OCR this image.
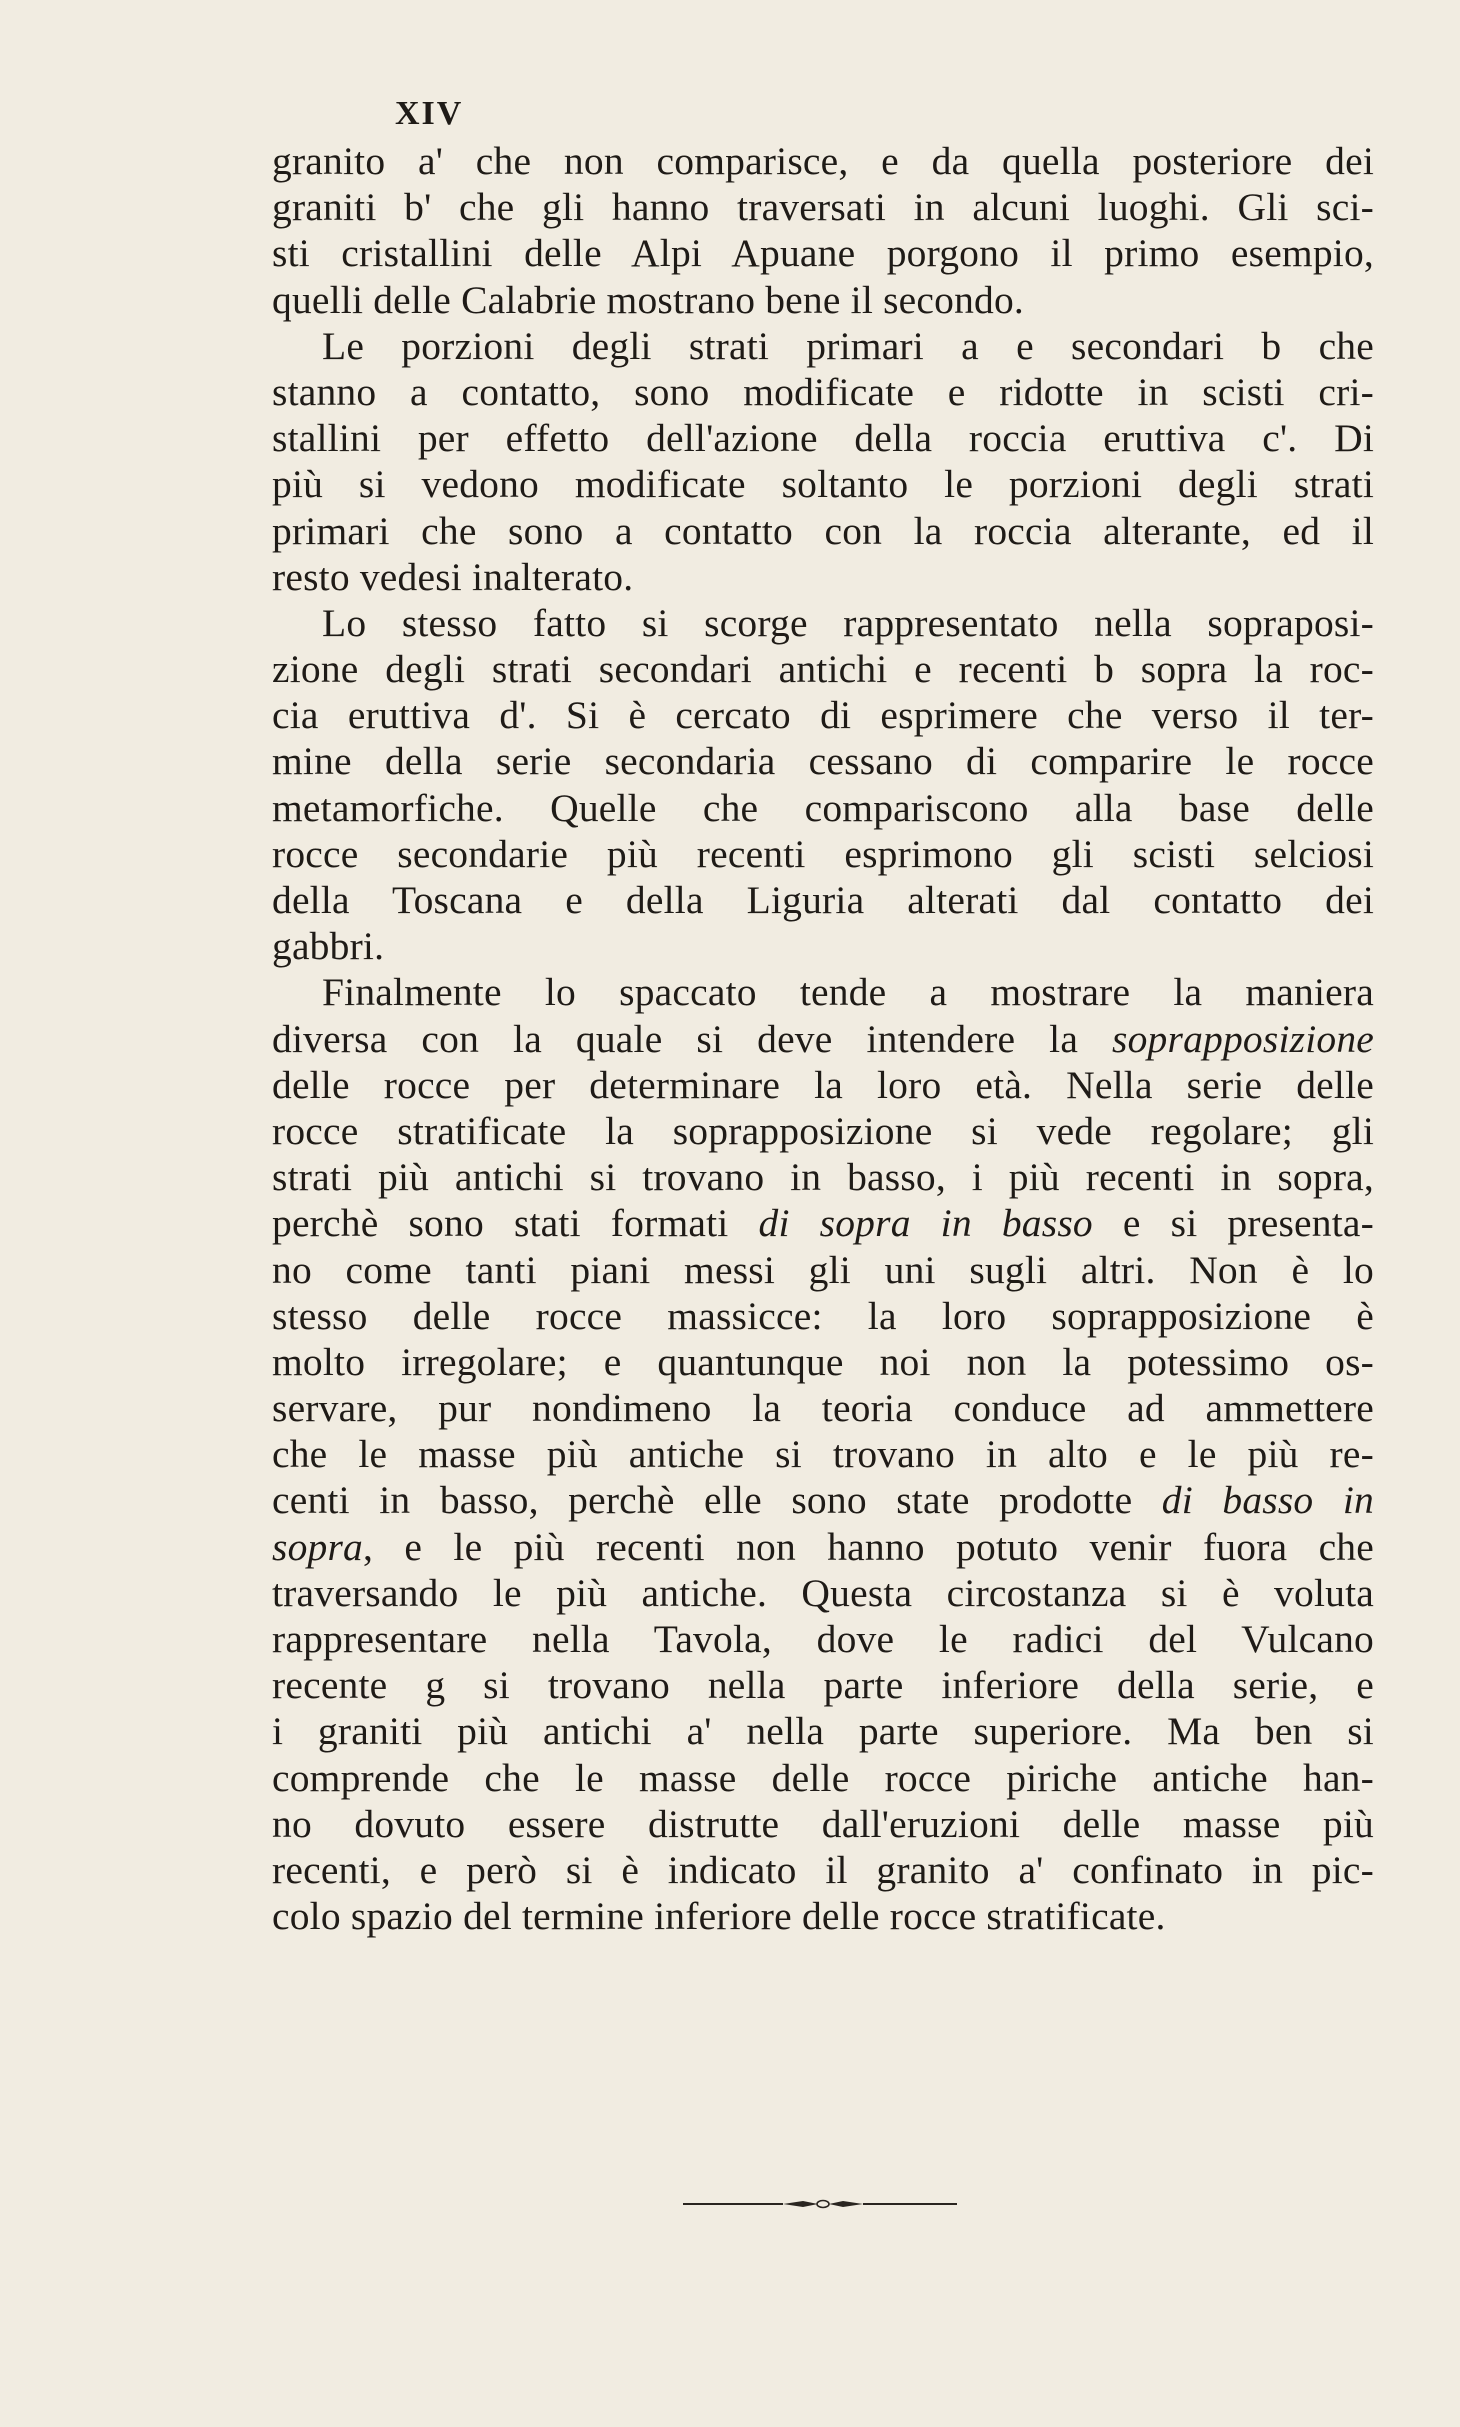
XIV
granito a' che non comparisce, e da quella posteriore dei
graniti b' che gli hanno traversati in alcuni luoghi. Gli sci-
sti cristallini delle Alpi Apuane porgono il primo esempio,
quelli delle Calabrie mostrano bene il secondo.
Le porzioni degli strati primari a e secondari b che
stanno a contatto, sono modificate e ridotte in scisti cri-
stallini per effetto dell'azione della roccia eruttiva c'. Di
più si vedono modificate soltanto le porzioni degli strati
primari che sono a contatto con la roccia alterante, ed il
resto vedesi inalterato.
Lo stesso fatto si scorge rappresentato nella sopraposi-
zione degli strati secondari antichi e recenti b sopra la roc-
cia eruttiva d'. Si è cercato di esprimere che verso il ter-
mine della serie secondaria cessano di comparire le rocce
metamorfiche. Quelle che compariscono alla base delle
rocce secondarie più recenti esprimono gli scisti selciosi
della Toscana e della Liguria alterati dal contatto dei
gabbri.
Finalmente lo spaccato tende a mostrare la maniera
diversa con la quale si deve intendere la soprapposizione
delle rocce per determinare la loro età. Nella serie delle
rocce stratificate la soprapposizione si vede regolare; gli
strati più antichi si trovano in basso, i più recenti in sopra,
perchè sono stati formati di sopra in basso e si presenta-
no come tanti piani messi gli uni sugli altri. Non è lo
stesso delle rocce massicce: la loro soprapposizione è
molto irregolare; e quantunque noi non la potessimo os-
servare, pur nondimeno la teoria conduce ad ammettere
che le masse più antiche si trovano in alto e le più re-
centi in basso, perchè elle sono state prodotte di basso in
sopra, e le più recenti non hanno potuto venir fuora che
traversando le più antiche. Questa circostanza si è voluta
rappresentare nella Tavola, dove le radici del Vulcano
recente g si trovano nella parte inferiore della serie, e
i graniti più antichi a' nella parte superiore. Ma ben si
comprende che le masse delle rocce piriche antiche han-
no dovuto essere distrutte dall'eruzioni delle masse più
recenti, e però si è indicato il granito a' confinato in pic-
colo spazio del termine inferiore delle rocce stratificate.
